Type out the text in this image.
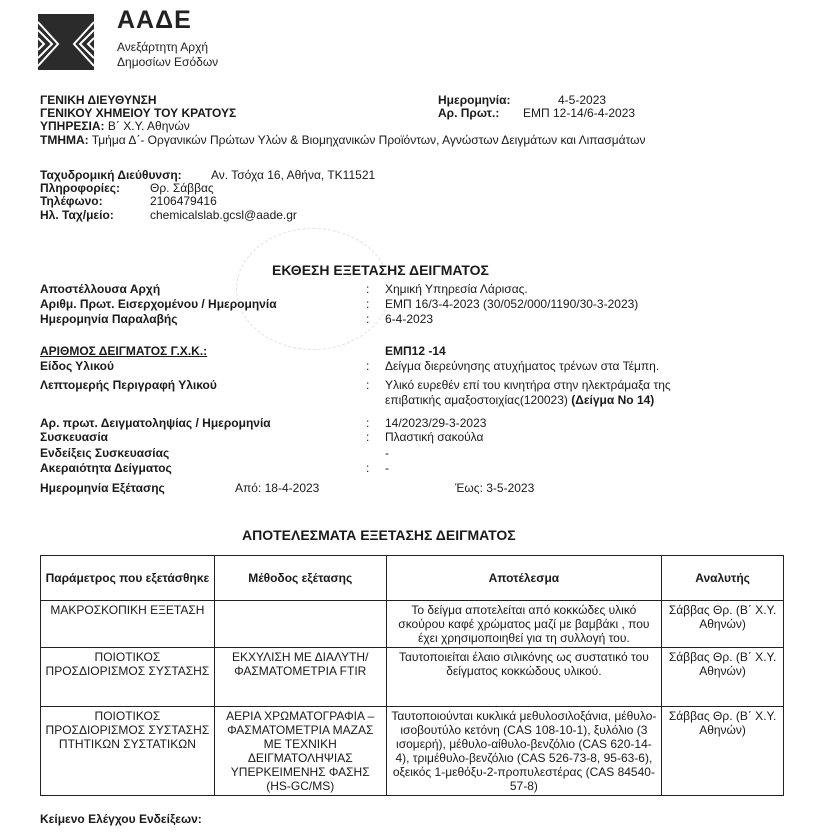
ΑΑΔΕ
Ανεξάρτητη Αρχή
Δημοσίων Εσόδων
ΓΕΝΙΚΗ ΔΙΕΥΘΥΝΣΗ
ΓΕΝΙΚΟΥ ΧΗΜΕΙΟΥ ΤΟΥ ΚΡΑΤΟΥΣ
ΥΠΗΡΕΣΙΑ: Β΄ Χ.Υ. Αθηνών
ΤΜΗΜΑ: Τμήμα Δ΄- Οργανικών Πρώτων Υλών & Βιομηχανικών Προϊόντων, Αγνώστων Δειγμάτων και Λιπασμάτων
Ημερομηνία:	4-5-2023
Αρ. Πρωτ.: ΕΜΠ 12-14/6-4-2023
Ταχυδρομική Διεύθυνση: Αν. Τσόχα 16, Αθήνα, ΤΚ11521
Πληροφορίες: Θρ. Σάββας
Τηλέφωνο:	2106479416
Ηλ. Ταχ/μείο:	chemicalslab.gcsl@aade.gr
ΕΚΘΕΣΗ ΕΞΕΤΑΣΗΣ ΔΕΙΓΜΑΤΟΣ
Αποστέλλουσα Αρχή	: Χημική Υπηρεσία Λάρισας.
Αριθμ. Πρωτ. Εισερχομένου / Ημερομηνία	: ΕΜΠ 16/3-4-2023 (30/052/000/1190/30-3-2023)
Ημερομηνία Παραλαβής	: 6-4-2023
ΑΡΙΘΜΟΣ ΔΕΙΓΜΑΤΟΣ Γ.Χ.Κ.:	ΕΜΠ12 -14
Είδος Υλικού	: Δείγμα διερεύνησης ατυχήματος τρένων στα Τέμπη.
Λεπτομερής Περιγραφή Υλικού	: Υλικό ευρεθέν επί του κινητήρα στην ηλεκτράμαξα της
επιβατικής αμαξοστοιχίας(120023) (Δείγμα Νο 14)
Αρ. πρωτ. Δειγματοληψίας / Ημερομηνία	: 14/2023/29-3-2023
Συσκευασία	: Πλαστική σακούλα
Ενδείξεις Συσκευασίας	-
Ακεραιότητα Δείγματος	: -
Ημερομηνία Εξέτασης	Από: 18-4-2023	Έως: 3-5-2023
ΑΠΟΤΕΛΕΣΜΑΤΑ ΕΞΕΤΑΣΗΣ ΔΕΙΓΜΑΤΟΣ
Παράμετρος που εξετάσθηκε	Μέθοδος εξέτασης	Αποτέλεσμα	Αναλυτής
ΜΑΚΡΟΣΚΟΠΙΚΗ ΕΞΕΤΑΣΗ		Το δείγμα αποτελείται από κοκκώδες υλικό σκούρου καφέ χρώματος μαζί με βαμβάκι , που έχει χρησιμοποιηθεί για τη συλλογή του.	Σάββας Θρ. (Β΄ Χ.Υ. Αθηνών)
ΠΟΙΟΤΙΚΟΣ ΠΡΟΣΔΙΟΡΙΣΜΟΣ ΣΥΣΤΑΣΗΣ	ΕΚΧΥΛΙΣΗ ΜΕ ΔΙΑΛΥΤΗ/ ΦΑΣΜΑΤΟΜΕΤΡΙΑ FTIR	Ταυτοποιείται έλαιο σιλικόνης ως συστατικό του δείγματος κοκκώδους υλικού.	Σάββας Θρ. (Β΄ Χ.Υ. Αθηνών)
ΠΟΙΟΤΙΚΟΣ ΠΡΟΣΔΙΟΡΙΣΜΟΣ ΣΥΣΤΑΣΗΣ ΠΤΗΤΙΚΩΝ ΣΥΣΤΑΤΙΚΩΝ	ΑΕΡΙΑ ΧΡΩΜΑΤΟΓΡΑΦΙΑ – ΦΑΣΜΑΤΟΜΕΤΡΙΑ ΜΑΖΑΣ ΜΕ ΤΕΧΝΙΚΗ ΔΕΙΓΜΑΤΟΛΗΨΙΑΣ ΥΠΕΡΚΕΙΜΕΝΗΣ ΦΑΣΗΣ (HS-GC/MS)	Ταυτοποιούνται κυκλικά μεθυλοσιλοξάνια, μέθυλο-ισοβουτύλο κετόνη (CAS 108-10-1), ξυλόλιο (3 ισομερή), μέθυλο-αίθυλο-βενζόλιο (CAS 620-14-4), τριμέθυλο-βενζόλιο (CAS 526-73-8, 95-63-6), οξεικός 1-μεθόξυ-2-προπυλεστέρας (CAS 84540-57-8)	Σάββας Θρ. (Β΄ Χ.Υ. Αθηνών)
Κείμενο Ελέγχου Ενδείξεων:
